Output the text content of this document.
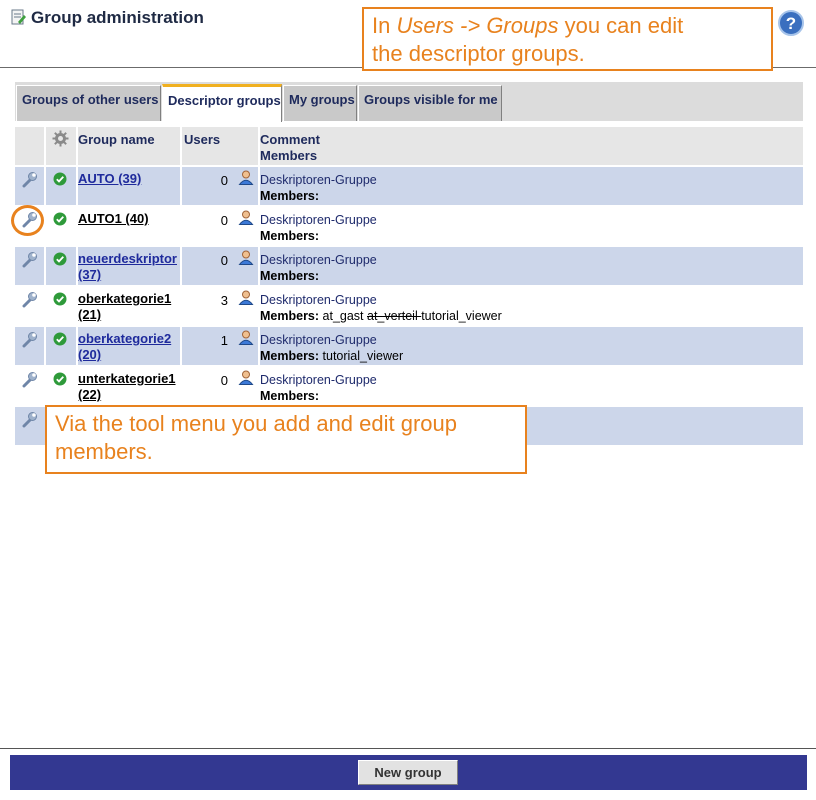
Group administration	?
In Users -> Groups you can edit
the descriptor groups.
Groups of other users Descriptor groups My groups Groups visible for me
Group name Users	Comment
Members
AUTO (39)	0	Deskriptoren-Gruppe
Members:
AUTO1 (40)	0	Deskriptoren-Gruppe
Members:
neuerdeskriptor
(37)
0	Deskriptoren-Gruppe
Members:
oberkategorie1
(21)
3	Deskriptoren-Gruppe
Members: at_gast at_verteil tutorial_viewer
oberkategorie2
(20)
1	Deskriptoren-Gruppe
Members: tutorial_viewer
unterkategorie1
(22)
0	Deskriptoren-Gruppe
Members:
Via the tool menu you add and edit group
members.
New group
